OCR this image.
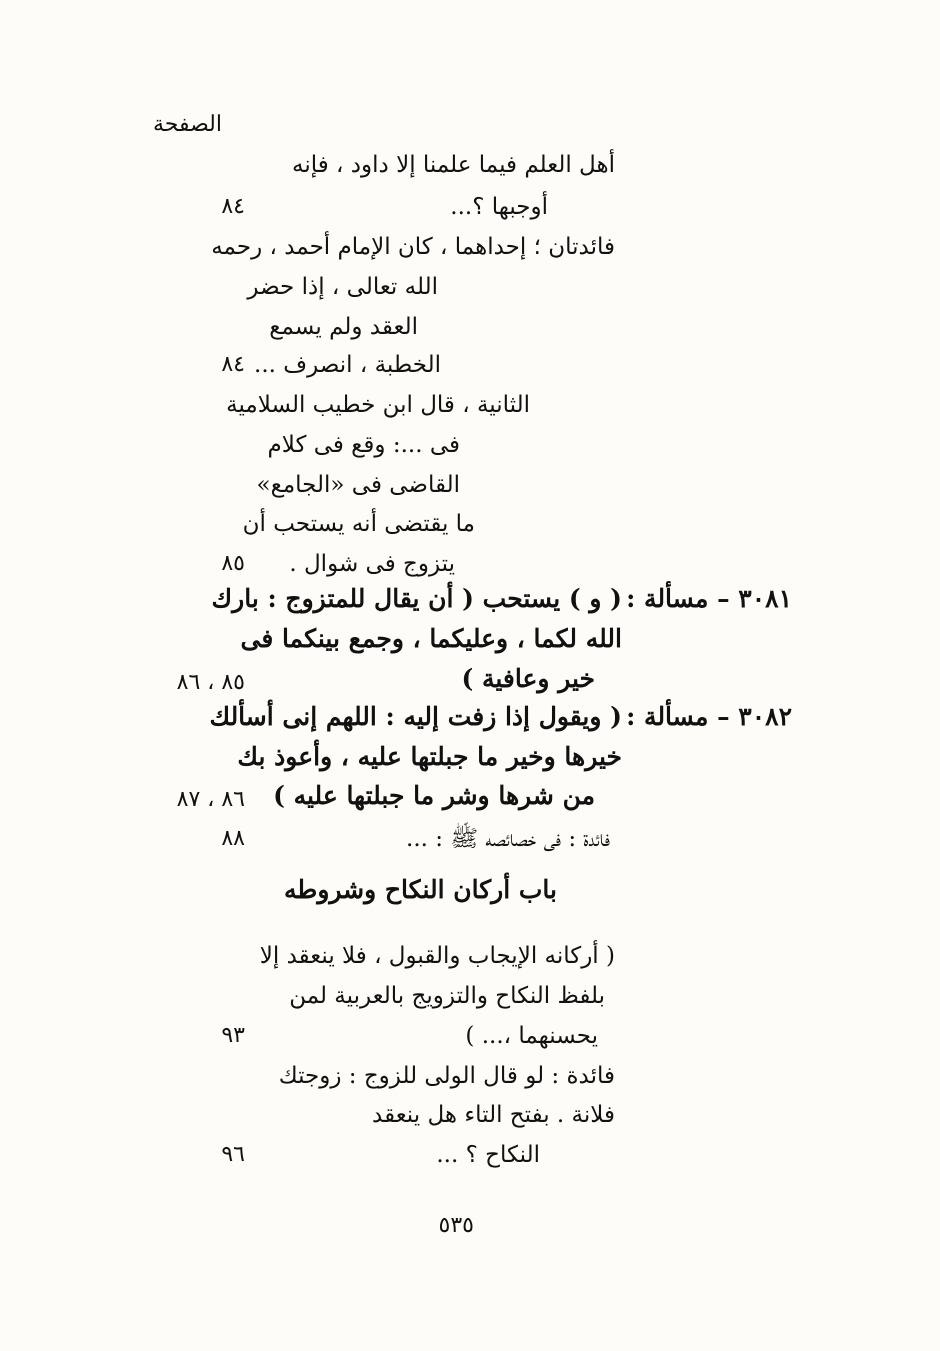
الصفحة
أهل العلم فيما علمنا إلا داود ، فإنه
أوجبها ؟...
٨٤
فائدتان ؛ إحداهما ، كان الإمام أحمد ، رحمه
الله تعالى ، إذا حضر
العقد ولم يسمع
الخطبة ، انصرف ...
٨٤
الثانية ، قال ابن خطيب السلامية
فى ...: وقع فى كلام
القاضى فى «الجامع»
ما يقتضى أنه يستحب أن
يتزوج فى شوال .
٨٥
٣٠٨١ – مسألة :
( و ) يستحب ( أن يقال للمتزوج : بارك
الله لكما ، وعليكما ، وجمع بينكما فى
خير وعافية )
٨٥ ، ٨٦
٣٠٨٢ – مسألة :
( ويقول إذا زفت إليه : اللهم إنى أسألك
خيرها وخير ما جبلتها عليه ، وأعوذ بك
من شرها وشر ما جبلتها عليه )
٨٦ ، ٨٧
فائدة : فى خصائصه ﷺ : ...
٨٨
باب أركان النكاح وشروطه
( أركانه الإيجاب والقبول ، فلا ينعقد إلا
بلفظ النكاح والتزويج بالعربية لمن
يحسنهما ،... )
٩٣
فائدة : لو قال الولى للزوج : زوجتك
فلانة . بفتح التاء هل ينعقد
النكاح ؟ ...
٩٦
٥٣٥
